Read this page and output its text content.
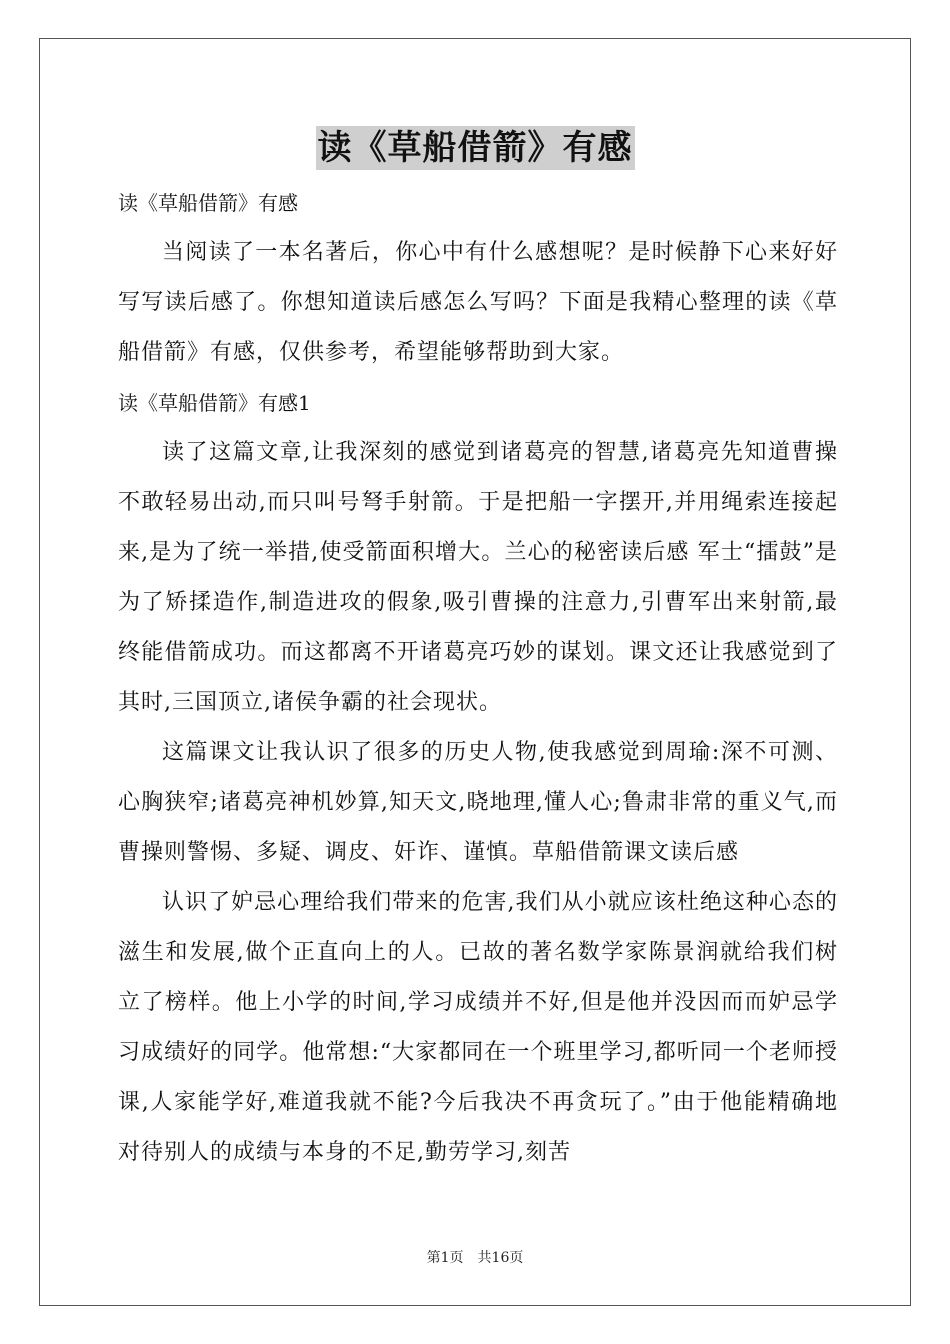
读《草船借箭》有感

读《草船借箭》有感

当阅读了一本名著后，你心中有什么感想呢？是时候静下心来好好写写读后感了。你想知道读后感怎么写吗？下面是我精心整理的读《草船借箭》有感，仅供参考，希望能够帮助到大家。

读《草船借箭》有感1

读了这篇文章,让我深刻的感觉到诸葛亮的智慧,诸葛亮先知道曹操不敢轻易出动,而只叫号弩手射箭。于是把船一字摆开,并用绳索连接起来,是为了统一举措,使受箭面积增大。兰心的秘密读后感 军士“擂鼓”是为了矫揉造作,制造进攻的假象,吸引曹操的注意力,引曹军出来射箭,最终能借箭成功。而这都离不开诸葛亮巧妙的谋划。课文还让我感觉到了其时,三国顶立,诸侯争霸的社会现状。

这篇课文让我认识了很多的历史人物,使我感觉到周瑜:深不可测、心胸狭窄;诸葛亮神机妙算,知天文,晓地理,懂人心;鲁肃非常的重义气,而曹操则警惕、多疑、调皮、奸诈、谨慎。草船借箭课文读后感

认识了妒忌心理给我们带来的危害,我们从小就应该杜绝这种心态的滋生和发展,做个正直向上的人。已故的著名数学家陈景润就给我们树立了榜样。他上小学的时间,学习成绩并不好,但是他并没因而而妒忌学习成绩好的同学。他常想:“大家都同在一个班里学习,都听同一个老师授课,人家能学好,难道我就不能?今后我决不再贪玩了。”由于他能精确地对待别人的成绩与本身的不足,勤劳学习,刻苦

第1页　共16页
